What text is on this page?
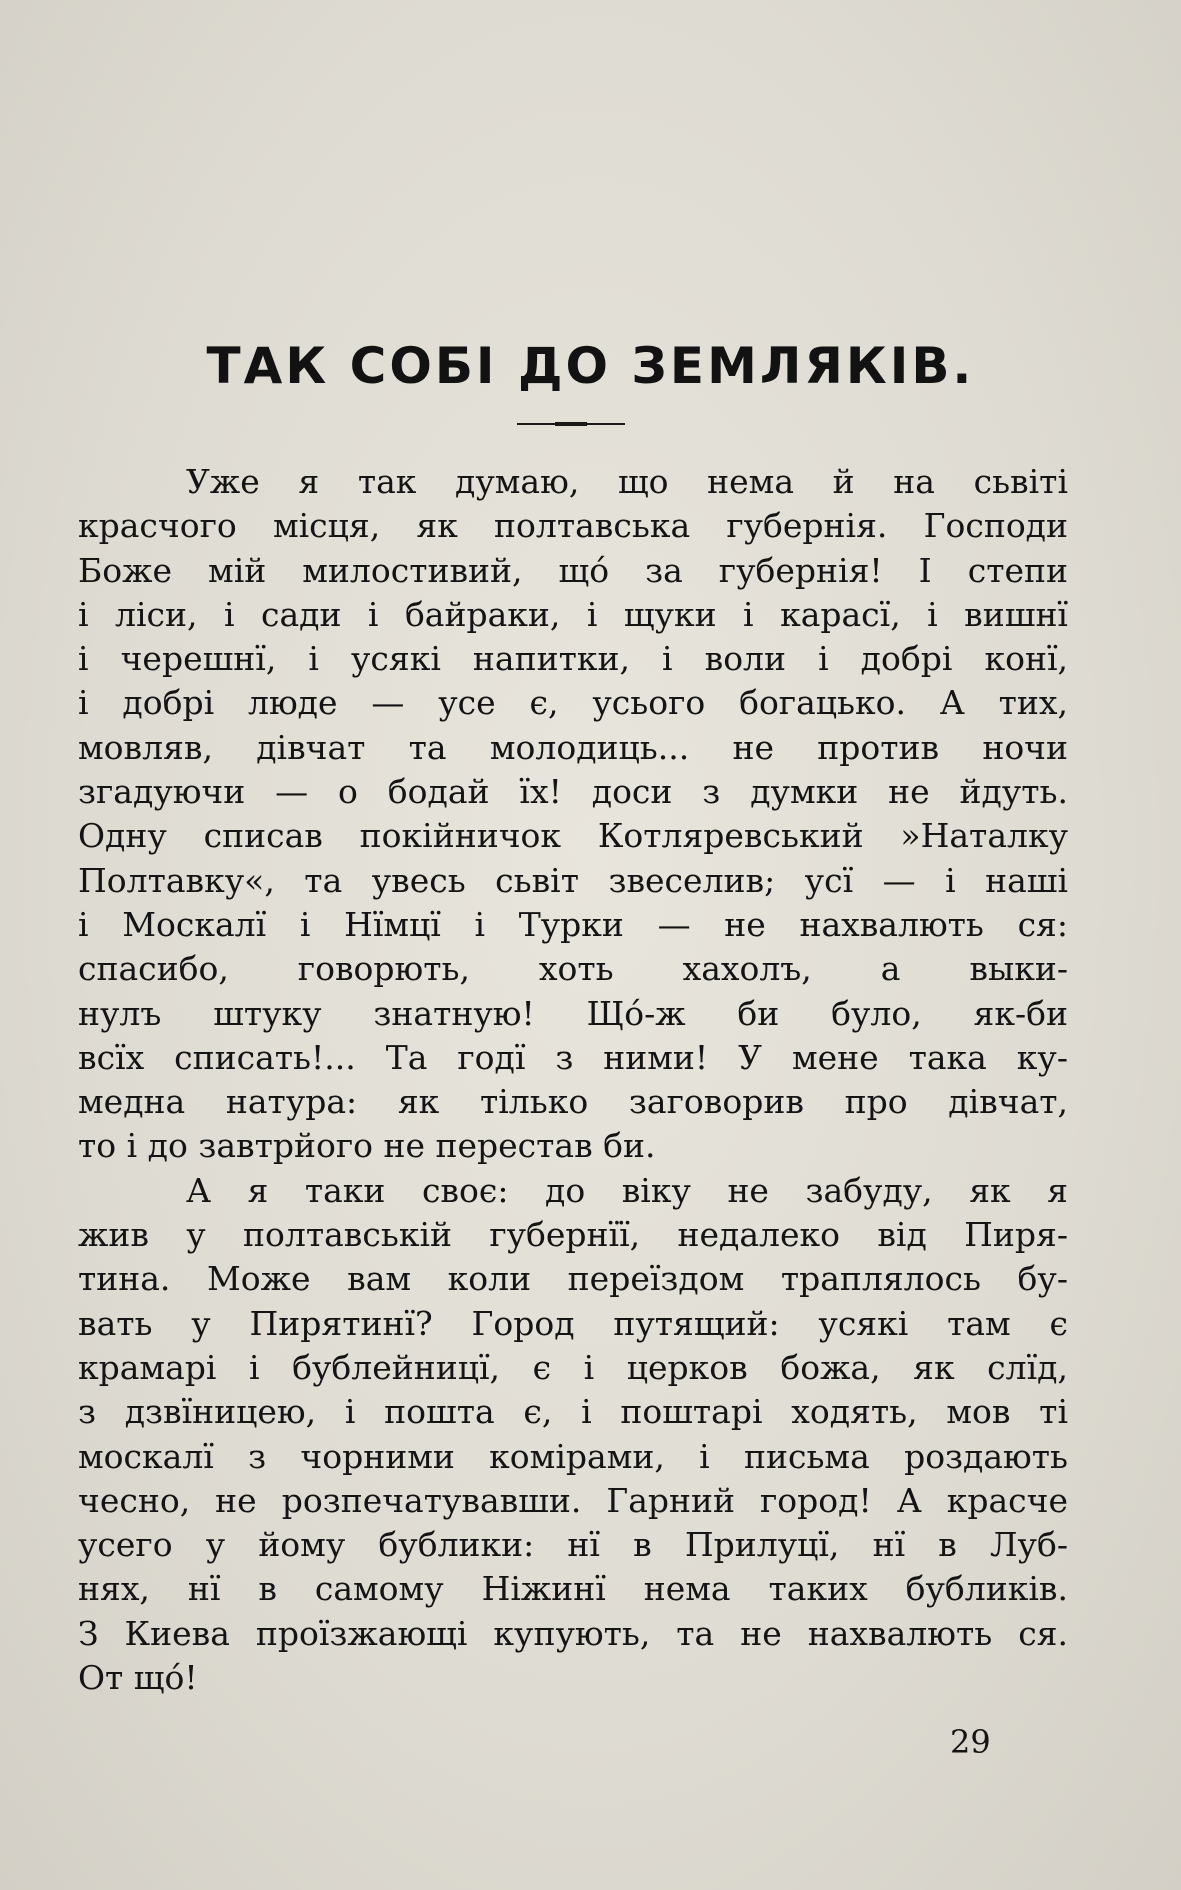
ТАК СОБІ ДО ЗЕМЛЯКІВ.
Уже я так думаю, що нема й на сьвіті
красчого місця, як полтавська губернія. Господи
Боже мій милостивий, щó за губернія! І степи
і ліси, і сади і байраки, і щуки і карасї, і вишнї
і черешнї, і усякі напитки, і воли і добрі конї,
і добрі люде — усе є, усього богацько. А тих,
мовляв, дівчат та молодиць... не против ночи
згадуючи — о бодай їх! доси з думки не йдуть.
Одну списав покійничок Котляревський »Наталку
Полтавку«, та увесь сьвіт звеселив; усї — і наші
і Москалї і Нїмцї і Турки — не нахвалють ся:
спасибо, говорють, хоть хахолъ, а выки-
нулъ штуку знатную! Щó-ж би було, як-би
всїх списать!... Та годї з ними! У мене така ку-
медна натура: як тілько заговорив про дівчат,
то і до завтрйого не перестав би.
А я таки своє: до віку не забуду, як я
жив у полтавській губернїї, недалеко від Пиря-
тина. Може вам коли переїздом траплялось бу-
вать у Пирятинї? Город путящий: усякі там є
крамарі і бублейницї, є і церков божа, як слїд,
з дзвїницею, і пошта є, і поштарі ходять, мов ті
москалї з чорними комірами, і письма роздають
чесно, не розпечатувавши. Гарний город! А красче
усего у йому бублики: нї в Прилуцї, нї в Луб-
нях, нї в самому Ніжинї нема таких бубликів.
З Киева проїзжающі купують, та не нахвалють ся.
От щó!
29
